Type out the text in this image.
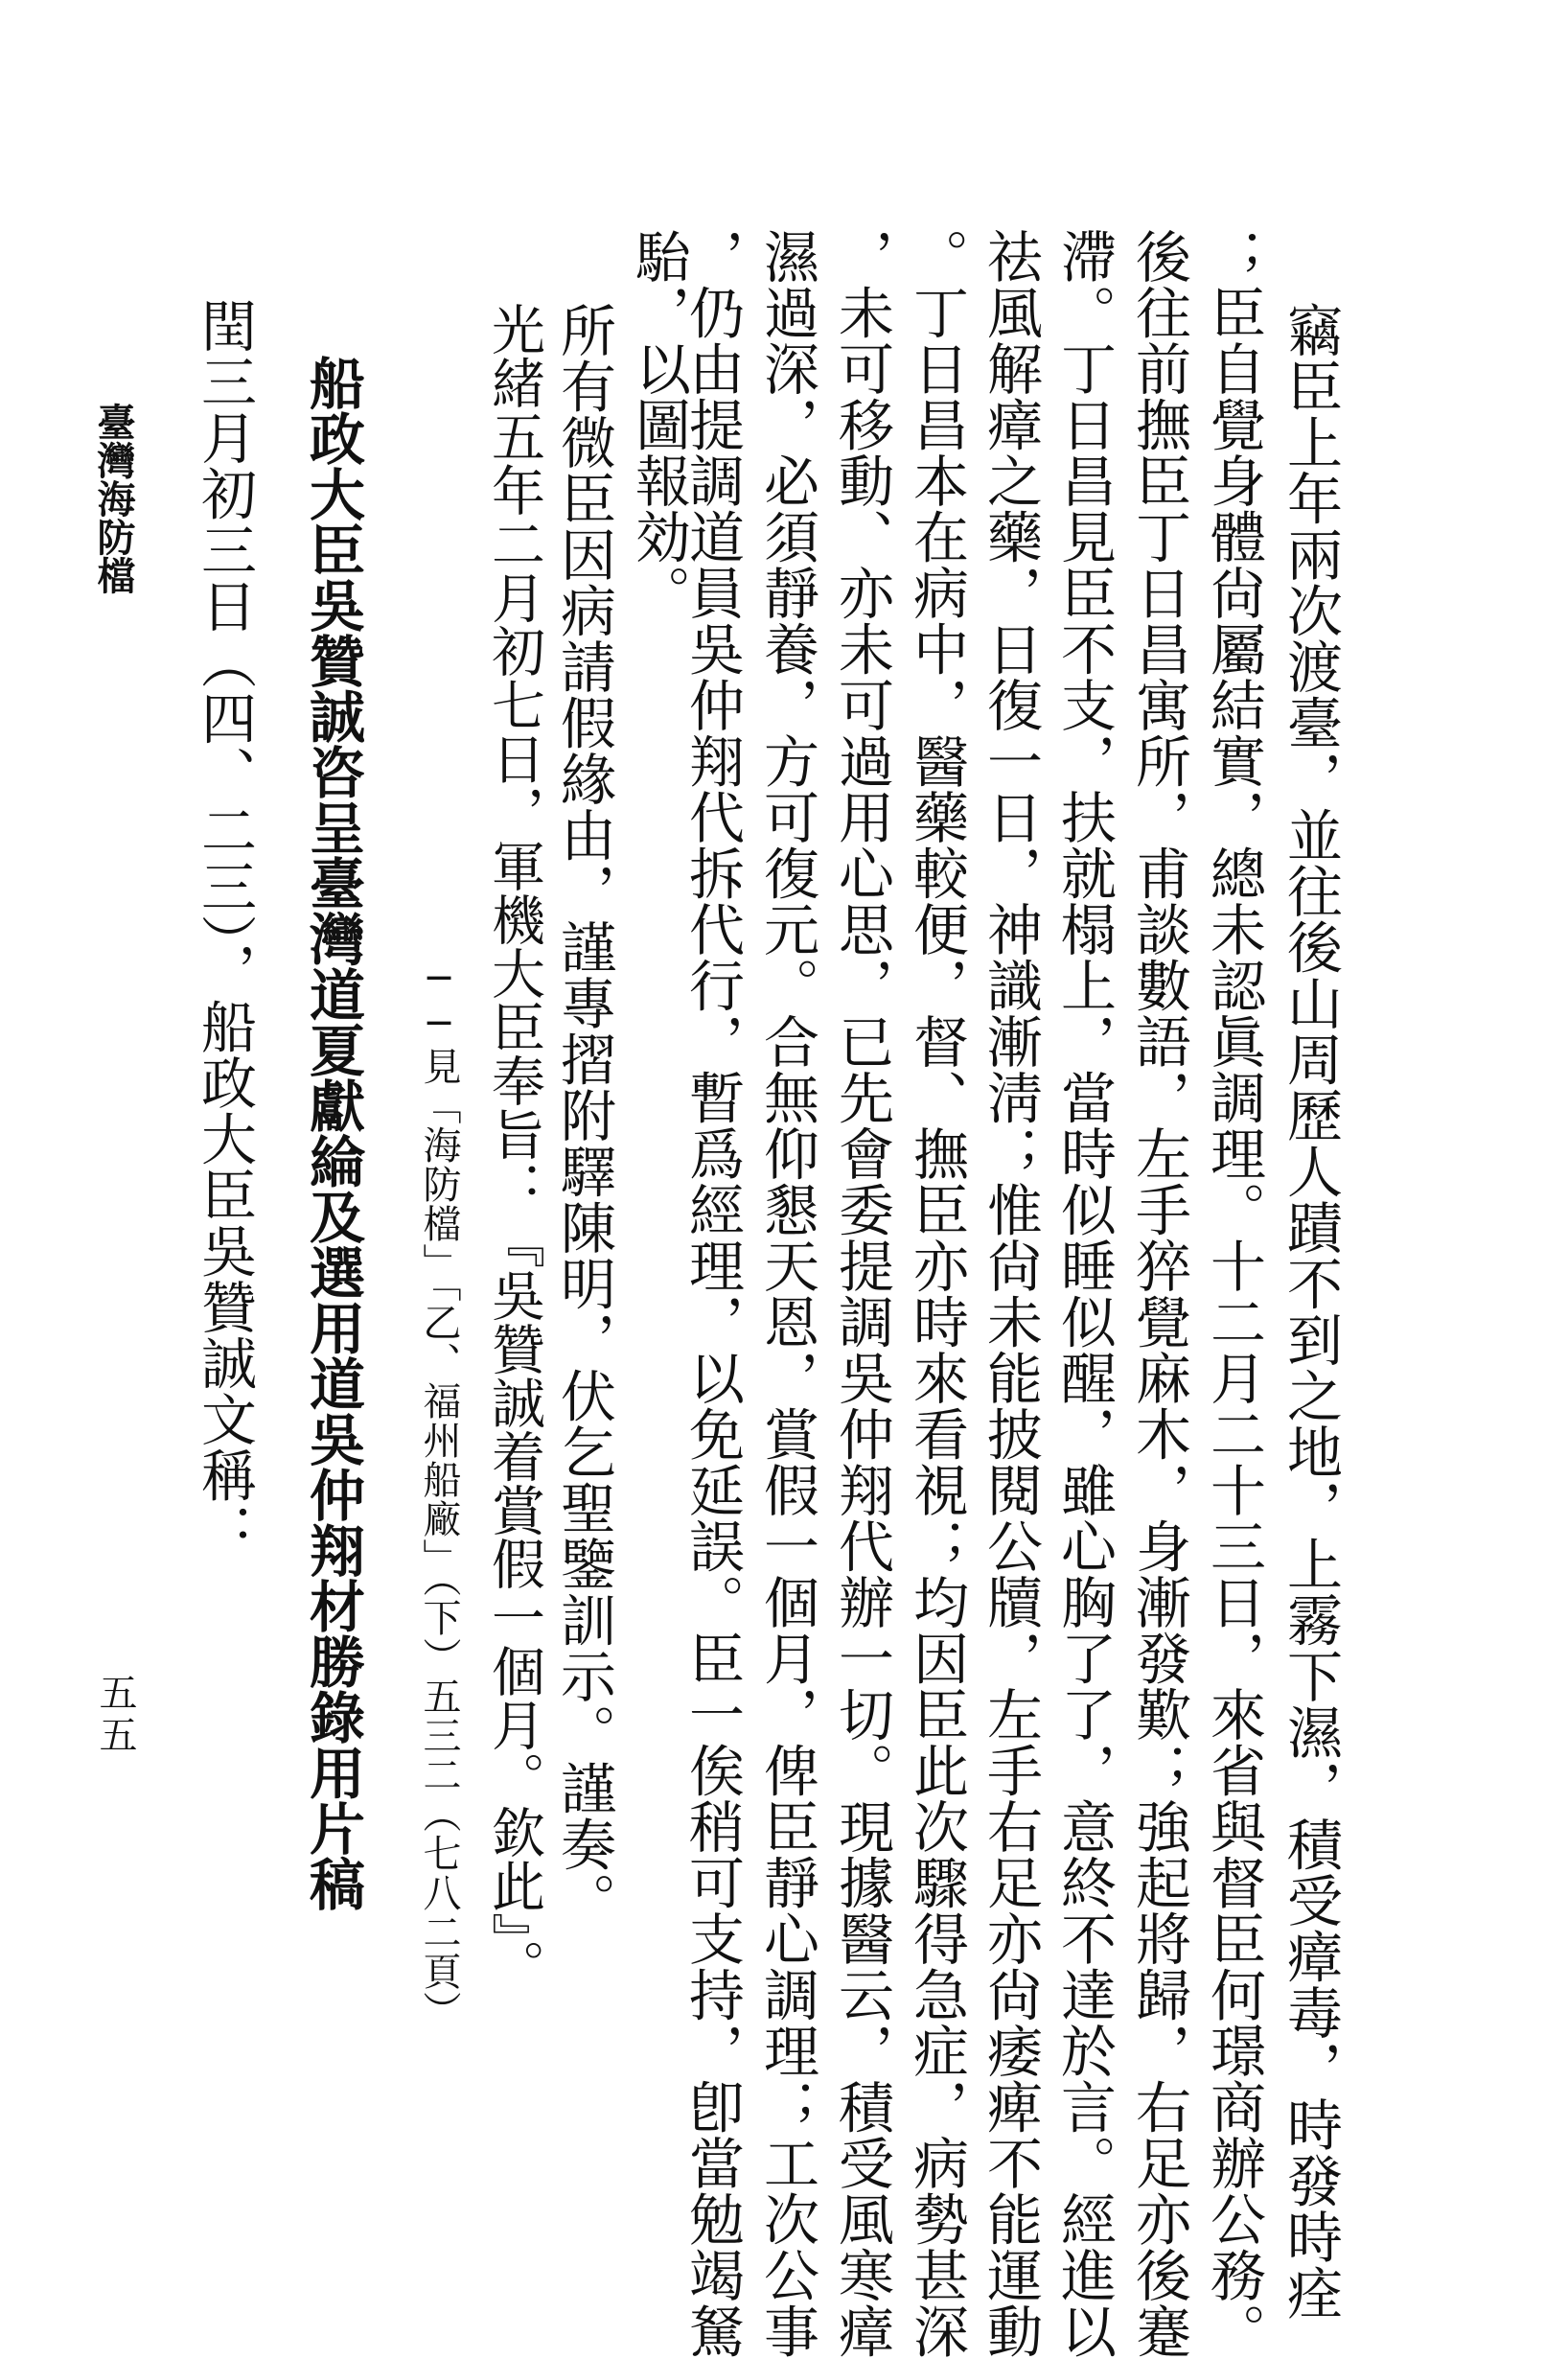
竊臣上年兩次渡臺，並往後山周歷人蹟不到之地，上霧下濕，積受瘴毒，時發時痊
；臣自覺身體尙屬結實，總未認眞調理。十二月二十三日，來省與督臣何璟商辦公務。
後往前撫臣丁日昌寓所，甫談數語，左手猝覺麻木，身漸發歎；強起將歸，右足亦後蹇
滯。丁日昌見臣不支，扶就榻上，當時似睡似醒，雖心胸了了，意終不達於言。經進以
祛風解瘴之藥，日復一日，神識漸淸；惟尙未能披閱公牘，左手右足亦尙痿痺不能運動
。丁日昌本在病中，醫藥較便，督、撫臣亦時來看視；均因臣此次驟得急症，病勢甚深
，未可移動、亦未可過用心思，已先會委提調吳仲翔代辦一切。現據醫云，積受風寒瘴
濕過深，必須靜養，方可復元。合無仰懇天恩，賞假一個月，俾臣靜心調理；工次公事
，仍由提調道員吳仲翔代拆代行，暫爲經理，以免延誤。臣一俟稍可支持，卽當勉竭駑
駘，以圖報効。
所有微臣因病請假緣由，謹專摺附驛陳明，伏乞聖鑒訓示。謹奏。
光緒五年二月初七日，軍機大臣奉旨：『吳贊誠着賞假一個月。欽此』。
──見「海防檔」「乙、福州船廠」（下）五三二（七八二頁）
船政大臣吳贊誠咨呈臺灣道夏獻綸及選用道吳仲翔材勝錄用片稿
閏三月初三日（四、二三），船政大臣吳贊誠文稱：
臺灣海防檔
五五
